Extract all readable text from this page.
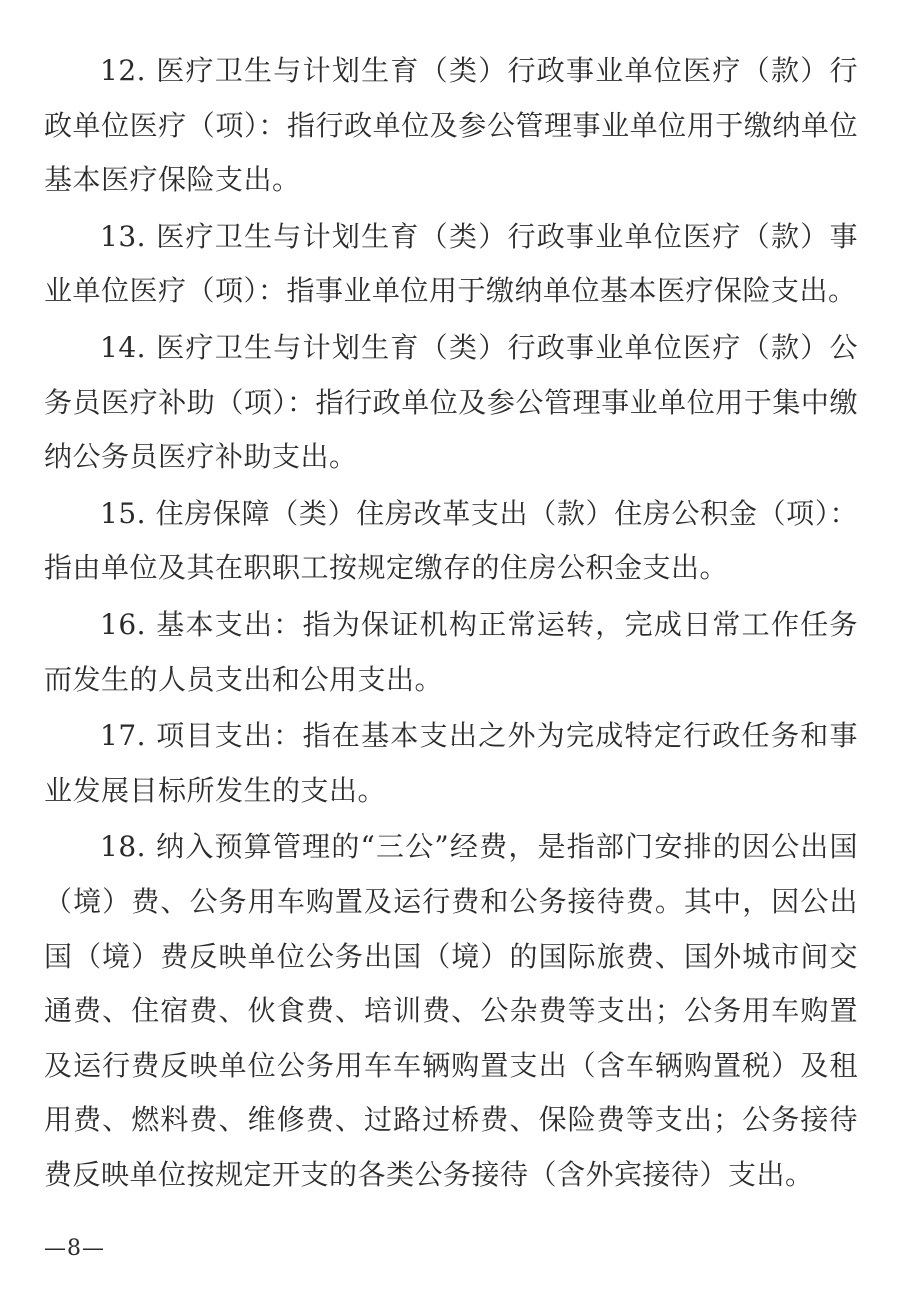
12. 医疗卫生与计划生育（类）行政事业单位医疗（款）行政单位医疗（项）：指行政单位及参公管理事业单位用于缴纳单位基本医疗保险支出。

13. 医疗卫生与计划生育（类）行政事业单位医疗（款）事业单位医疗（项）：指事业单位用于缴纳单位基本医疗保险支出。

14. 医疗卫生与计划生育（类）行政事业单位医疗（款）公务员医疗补助（项）：指行政单位及参公管理事业单位用于集中缴纳公务员医疗补助支出。

15. 住房保障（类）住房改革支出（款）住房公积金（项）：指由单位及其在职职工按规定缴存的住房公积金支出。

16. 基本支出：指为保证机构正常运转，完成日常工作任务而发生的人员支出和公用支出。

17. 项目支出：指在基本支出之外为完成特定行政任务和事业发展目标所发生的支出。

18. 纳入预算管理的“三公”经费，是指部门安排的因公出国（境）费、公务用车购置及运行费和公务接待费。其中，因公出国（境）费反映单位公务出国（境）的国际旅费、国外城市间交通费、住宿费、伙食费、培训费、公杂费等支出；公务用车购置及运行费反映单位公务用车车辆购置支出（含车辆购置税）及租用费、燃料费、维修费、过路过桥费、保险费等支出；公务接待费反映单位按规定开支的各类公务接待（含外宾接待）支出。

—8—
